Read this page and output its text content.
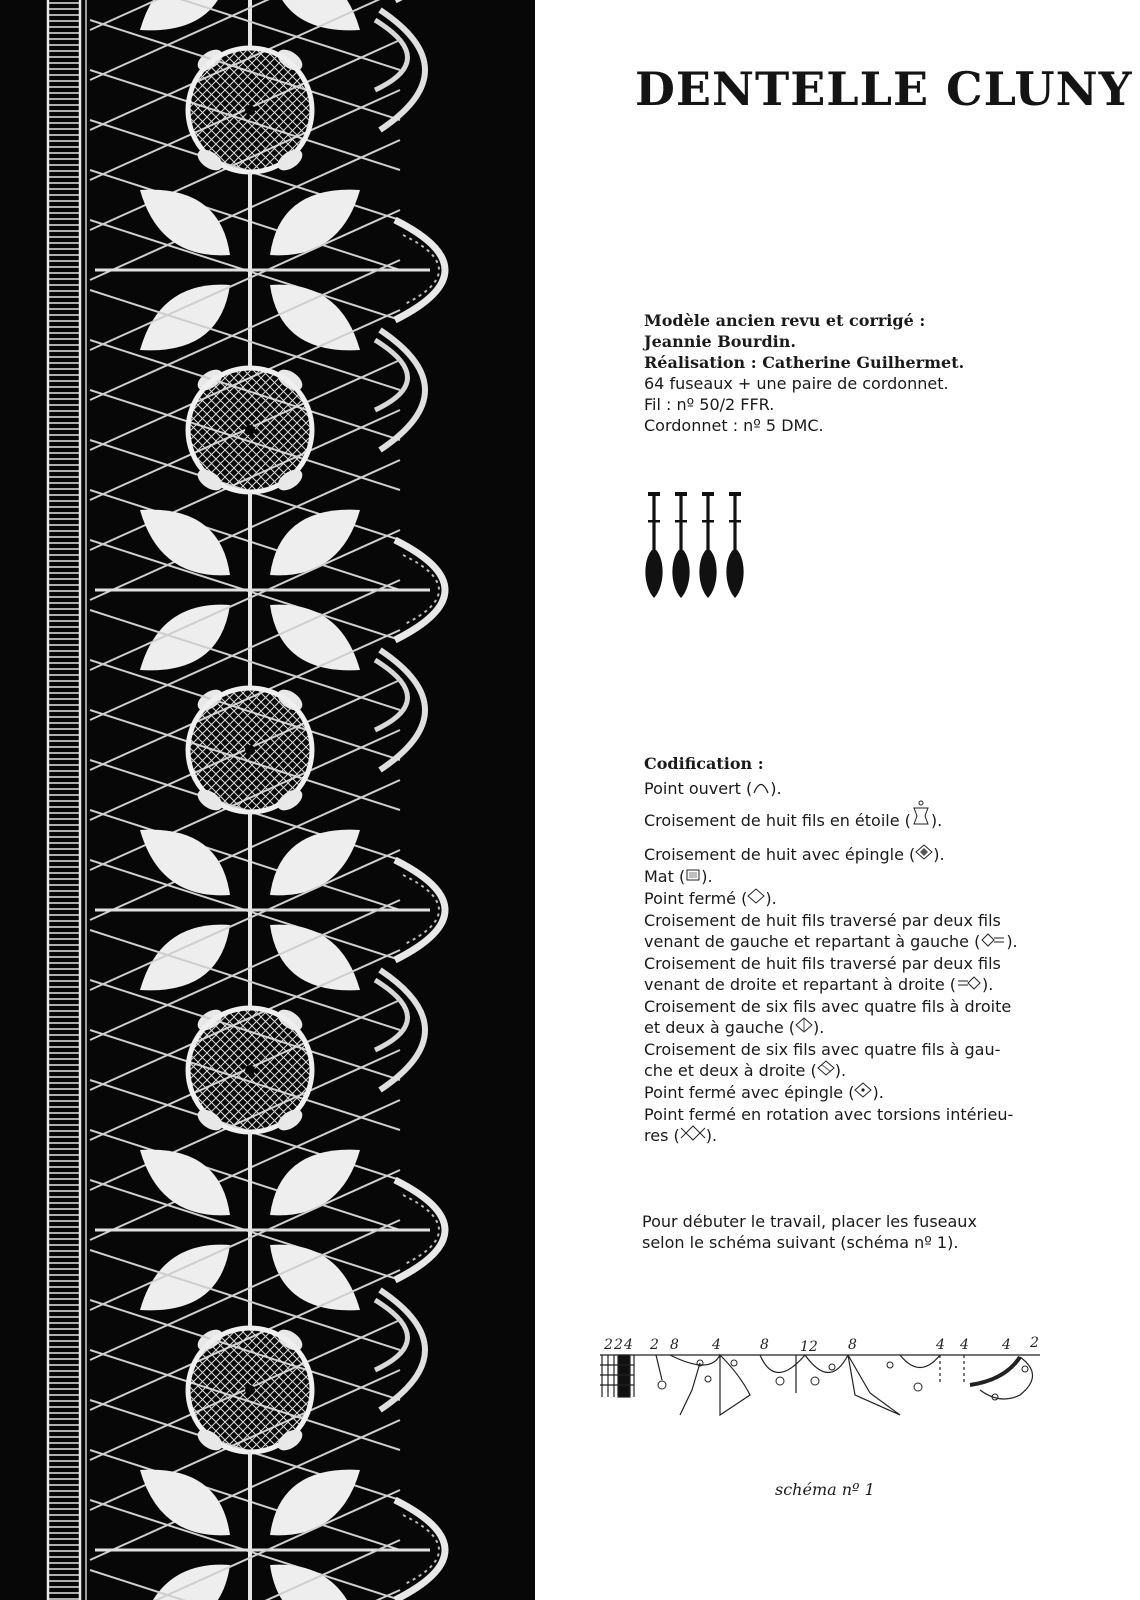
DENTELLE CLUNY
Modèle ancien revu et corrigé :
Jeannie Bourdin.
Réalisation : Catherine Guilhermet.
64 fuseaux + une paire de cordonnet.
Fil : nº 50/2 FFR.
Cordonnet : nº 5 DMC.
Codification :
Point ouvert ( ).
Croisement de huit fils en étoile ( ).
Croisement de huit avec épingle ( ).
Mat ( ).
Point fermé ( ).
Croisement de huit fils traversé par deux fils
venant de gauche et repartant à gauche ( ).
Croisement de huit fils traversé par deux fils
venant de droite et repartant à droite ( ).
Croisement de six fils avec quatre fils à droite
et deux à gauche ( ).
Croisement de six fils avec quatre fils à gau-
che et deux à droite ( ).
Point fermé avec épingle ( ).
Point fermé en rotation avec torsions intérieu-
res ( ).
Pour débuter le travail, placer les fuseaux
selon le schéma suivant (schéma nº 1).
2 2 4 2 8 4	8 12 8	4 4 4 2
schéma nº 1
